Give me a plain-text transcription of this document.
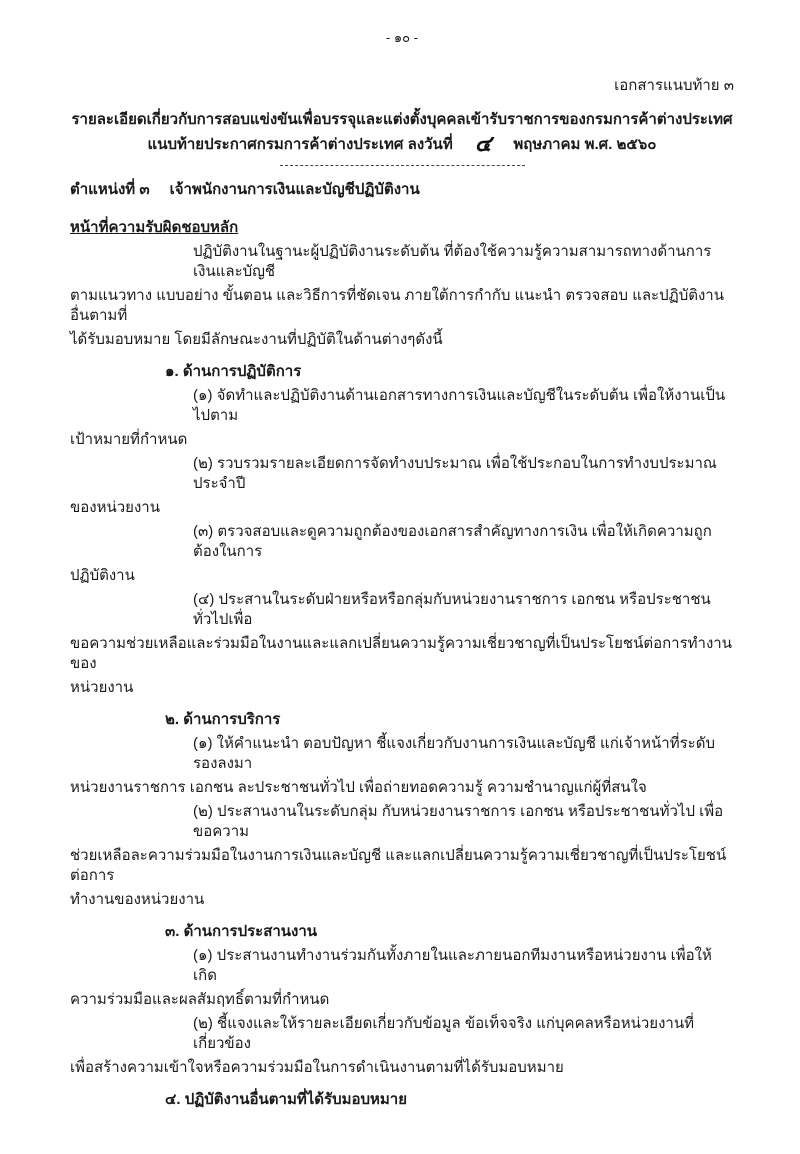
- ๑๐ -
เอกสารแนบท้าย ๓
รายละเอียดเกี่ยวกับการสอบแข่งขันเพื่อบรรจุและแต่งตั้งบุคคลเข้ารับราชการของกรมการค้าต่างประเทศ
แนบท้ายประกาศกรมการค้าต่างประเทศ ลงวันที่ ๔ พฤษภาคม พ.ศ. ๒๕๖๐
ตำแหน่งที่ ๓ เจ้าพนักงานการเงินและบัญชีปฏิบัติงาน
หน้าที่ความรับผิดชอบหลัก
ปฏิบัติงานในฐานะผู้ปฏิบัติงานระดับต้น ที่ต้องใช้ความรู้ความสามารถทางด้านการเงินและบัญชี
ตามแนวทาง แบบอย่าง ขั้นตอน และวิธีการที่ชัดเจน ภายใต้การกำกับ แนะนำ ตรวจสอบ และปฏิบัติงานอื่นตามที่
ได้รับมอบหมาย โดยมีลักษณะงานที่ปฏิบัติในด้านต่างๆดังนี้
๑. ด้านการปฏิบัติการ
(๑) จัดทำและปฏิบัติงานด้านเอกสารทางการเงินและบัญชีในระดับต้น เพื่อให้งานเป็นไปตาม
เป้าหมายที่กำหนด
(๒) รวบรวมรายละเอียดการจัดทำงบประมาณ เพื่อใช้ประกอบในการทำงบประมาณประจำปี
ของหน่วยงาน
(๓) ตรวจสอบและดูความถูกต้องของเอกสารสำคัญทางการเงิน เพื่อให้เกิดความถูกต้องในการ
ปฏิบัติงาน
(๔) ประสานในระดับฝ่ายหรือหรือกลุ่มกับหน่วยงานราชการ เอกชน หรือประชาชนทั่วไปเพื่อ
ขอความช่วยเหลือและร่วมมือในงานและแลกเปลี่ยนความรู้ความเชี่ยวชาญที่เป็นประโยชน์ต่อการทำงานของ
หน่วยงาน
๒. ด้านการบริการ
(๑) ให้คำแนะนำ ตอบปัญหา ชี้แจงเกี่ยวกับงานการเงินและบัญชี แก่เจ้าหน้าที่ระดับรองลงมา
หน่วยงานราชการ เอกชน ละประชาชนทั่วไป เพื่อถ่ายทอดความรู้ ความชำนาญแก่ผู้ที่สนใจ
(๒) ประสานงานในระดับกลุ่ม กับหน่วยงานราชการ เอกชน หรือประชาชนทั่วไป เพื่อขอความ
ช่วยเหลือละความร่วมมือในงานการเงินและบัญชี และแลกเปลี่ยนความรู้ความเชี่ยวชาญที่เป็นประโยชน์ต่อการ
ทำงานของหน่วยงาน
๓. ด้านการประสานงาน
(๑) ประสานงานทำงานร่วมกันทั้งภายในและภายนอกทีมงานหรือหน่วยงาน เพื่อให้เกิด
ความร่วมมือและผลสัมฤทธิ์ตามที่กำหนด
(๒) ชี้แจงและให้รายละเอียดเกี่ยวกับข้อมูล ข้อเท็จจริง แก่บุคคลหรือหน่วยงานที่เกี่ยวข้อง
เพื่อสร้างความเข้าใจหรือความร่วมมือในการดำเนินงานตามที่ได้รับมอบหมาย
๔. ปฏิบัติงานอื่นตามที่ได้รับมอบหมาย
